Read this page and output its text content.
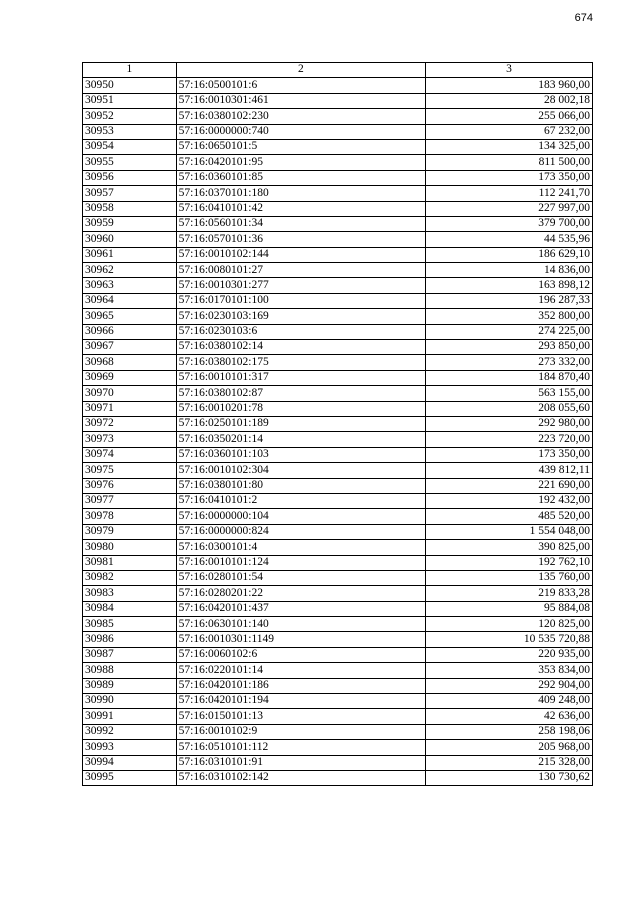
674
1	2	3
30950	57:16:0500101:6	183 960,00
30951	57:16:0010301:461	28 002,18
30952	57:16:0380102:230	255 066,00
30953	57:16:0000000:740	67 232,00
30954	57:16:0650101:5	134 325,00
30955	57:16:0420101:95	811 500,00
30956	57:16:0360101:85	173 350,00
30957	57:16:0370101:180	112 241,70
30958	57:16:0410101:42	227 997,00
30959	57:16:0560101:34	379 700,00
30960	57:16:0570101:36	44 535,96
30961	57:16:0010102:144	186 629,10
30962	57:16:0080101:27	14 836,00
30963	57:16:0010301:277	163 898,12
30964	57:16:0170101:100	196 287,33
30965	57:16:0230103:169	352 800,00
30966	57:16:0230103:6	274 225,00
30967	57:16:0380102:14	293 850,00
30968	57:16:0380102:175	273 332,00
30969	57:16:0010101:317	184 870,40
30970	57:16:0380102:87	563 155,00
30971	57:16:0010201:78	208 055,60
30972	57:16:0250101:189	292 980,00
30973	57:16:0350201:14	223 720,00
30974	57:16:0360101:103	173 350,00
30975	57:16:0010102:304	439 812,11
30976	57:16:0380101:80	221 690,00
30977	57:16:0410101:2	192 432,00
30978	57:16:0000000:104	485 520,00
30979	57:16:0000000:824	1 554 048,00
30980	57:16:0300101:4	390 825,00
30981	57:16:0010101:124	192 762,10
30982	57:16:0280101:54	135 760,00
30983	57:16:0280201:22	219 833,28
30984	57:16:0420101:437	95 884,08
30985	57:16:0630101:140	120 825,00
30986	57:16:0010301:1149	10 535 720,88
30987	57:16:0060102:6	220 935,00
30988	57:16:0220101:14	353 834,00
30989	57:16:0420101:186	292 904,00
30990	57:16:0420101:194	409 248,00
30991	57:16:0150101:13	42 636,00
30992	57:16:0010102:9	258 198,06
30993	57:16:0510101:112	205 968,00
30994	57:16:0310101:91	215 328,00
30995	57:16:0310102:142	130 730,62
